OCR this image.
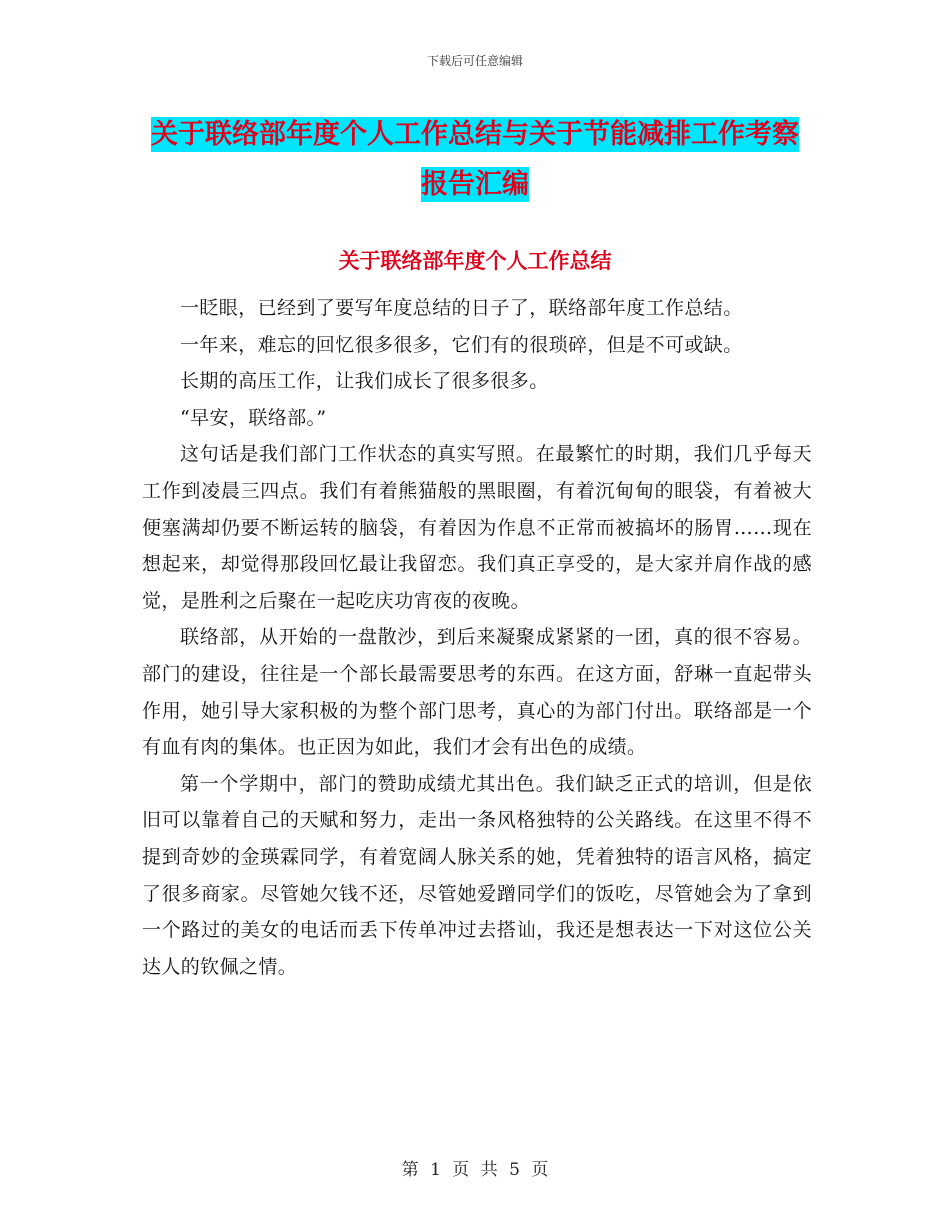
下载后可任意编辑
关于联络部年度个人工作总结与关于节能减排工作考察报告汇编
关于联络部年度个人工作总结

一眨眼，已经到了要写年度总结的日子了，联络部年度工作总结。

一年来，难忘的回忆很多很多，它们有的很琐碎，但是不可或缺。

长期的高压工作，让我们成长了很多很多。

“早安，联络部。”

这句话是我们部门工作状态的真实写照。在最繁忙的时期，我们几乎每天工作到凌晨三四点。我们有着熊猫般的黑眼圈，有着沉甸甸的眼袋，有着被大便塞满却仍要不断运转的脑袋，有着因为作息不正常而被搞坏的肠胃……现在想起来，却觉得那段回忆最让我留恋。我们真正享受的，是大家并肩作战的感觉，是胜利之后聚在一起吃庆功宵夜的夜晚。

联络部，从开始的一盘散沙，到后来凝聚成紧紧的一团，真的很不容易。部门的建设，往往是一个部长最需要思考的东西。在这方面，舒琳一直起带头作用，她引导大家积极的为整个部门思考，真心的为部门付出。联络部是一个有血有肉的集体。也正因为如此，我们才会有出色的成绩。

第一个学期中，部门的赞助成绩尤其出色。我们缺乏正式的培训，但是依旧可以靠着自己的天赋和努力，走出一条风格独特的公关路线。在这里不得不提到奇妙的金瑛霖同学，有着宽阔人脉关系的她，凭着独特的语言风格，搞定了很多商家。尽管她欠钱不还，尽管她爱蹭同学们的饭吃，尽管她会为了拿到一个路过的美女的电话而丢下传单冲过去搭讪，我还是想表达一下对这位公关达人的钦佩之情。

第 1 页 共 5 页
